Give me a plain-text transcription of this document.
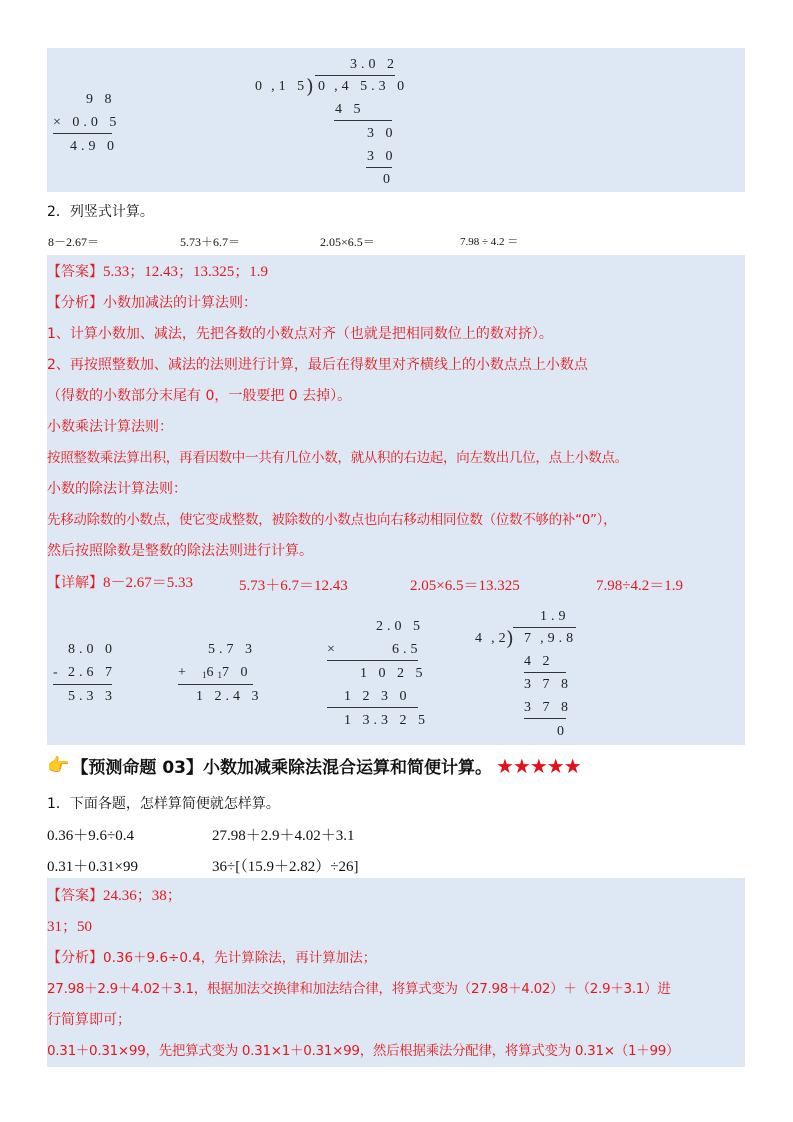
9 8
× 0.0 5
4.9 0
3.0 2
0 ,1 5
) 0 ,4 5.3 0
4 5
3 0
3 0
0
2．列竖式计算。
8－2.67＝	5.73＋6.7＝	2.05×6.5＝	7.98 ÷ 4.2 ＝
【答案】5.33；12.43；13.325；1.9
【分析】小数加减法的计算法则：
1、计算小数加、减法，先把各数的小数点对齐（也就是把相同数位上的数对挤）。
2、再按照整数加、减法的法则进行计算，最后在得数里对齐横线上的小数点点上小数点
（得数的小数部分末尾有 0，一般要把 0 去掉）。
小数乘法计算法则：
按照整数乘法算出积，再看因数中一共有几位小数，就从积的右边起，向左数出几位，点上小数点。
小数的除法计算法则：
先移动除数的小数点，使它变成整数，被除数的小数点也向右移动相同位数（位数不够的补“0”），
然后按照除数是整数的除法法则进行计算。
【详解】8－2.67＝5.33	5.73＋6.7＝12.43	2.05×6.5＝13.325	7.98÷4.2＝1.9
8.0 0
- 2.6 7
5.3 3
5.7 3
+ $_16_17$ 0
1 2.4 3
2.0 5
×	6.5
1 0 2 5
1 2 3 0
1 3.3 2 5
1.9
4 ,2
) 7 ,9.8
4 2
3 7 8
3 7 8
0
👉 【预测命题 03】小数加减乘除法混合运算和简便计算。 ★★★★★
1．下面各题，怎样算简便就怎样算。
0.36＋9.6÷0.4	27.98＋2.9＋4.02＋3.1
0.31＋0.31×99	36÷[（15.9＋2.82）÷26]
【答案】24.36；38；
31；50
【分析】0.36＋9.6÷0.4，先计算除法，再计算加法；
27.98＋2.9＋4.02＋3.1，根据加法交换律和加法结合律，将算式变为（27.98＋4.02）＋（2.9＋3.1）进
行简算即可；
0.31＋0.31×99，先把算式变为 0.31×1＋0.31×99，然后根据乘法分配律，将算式变为 0.31×（1＋99）
